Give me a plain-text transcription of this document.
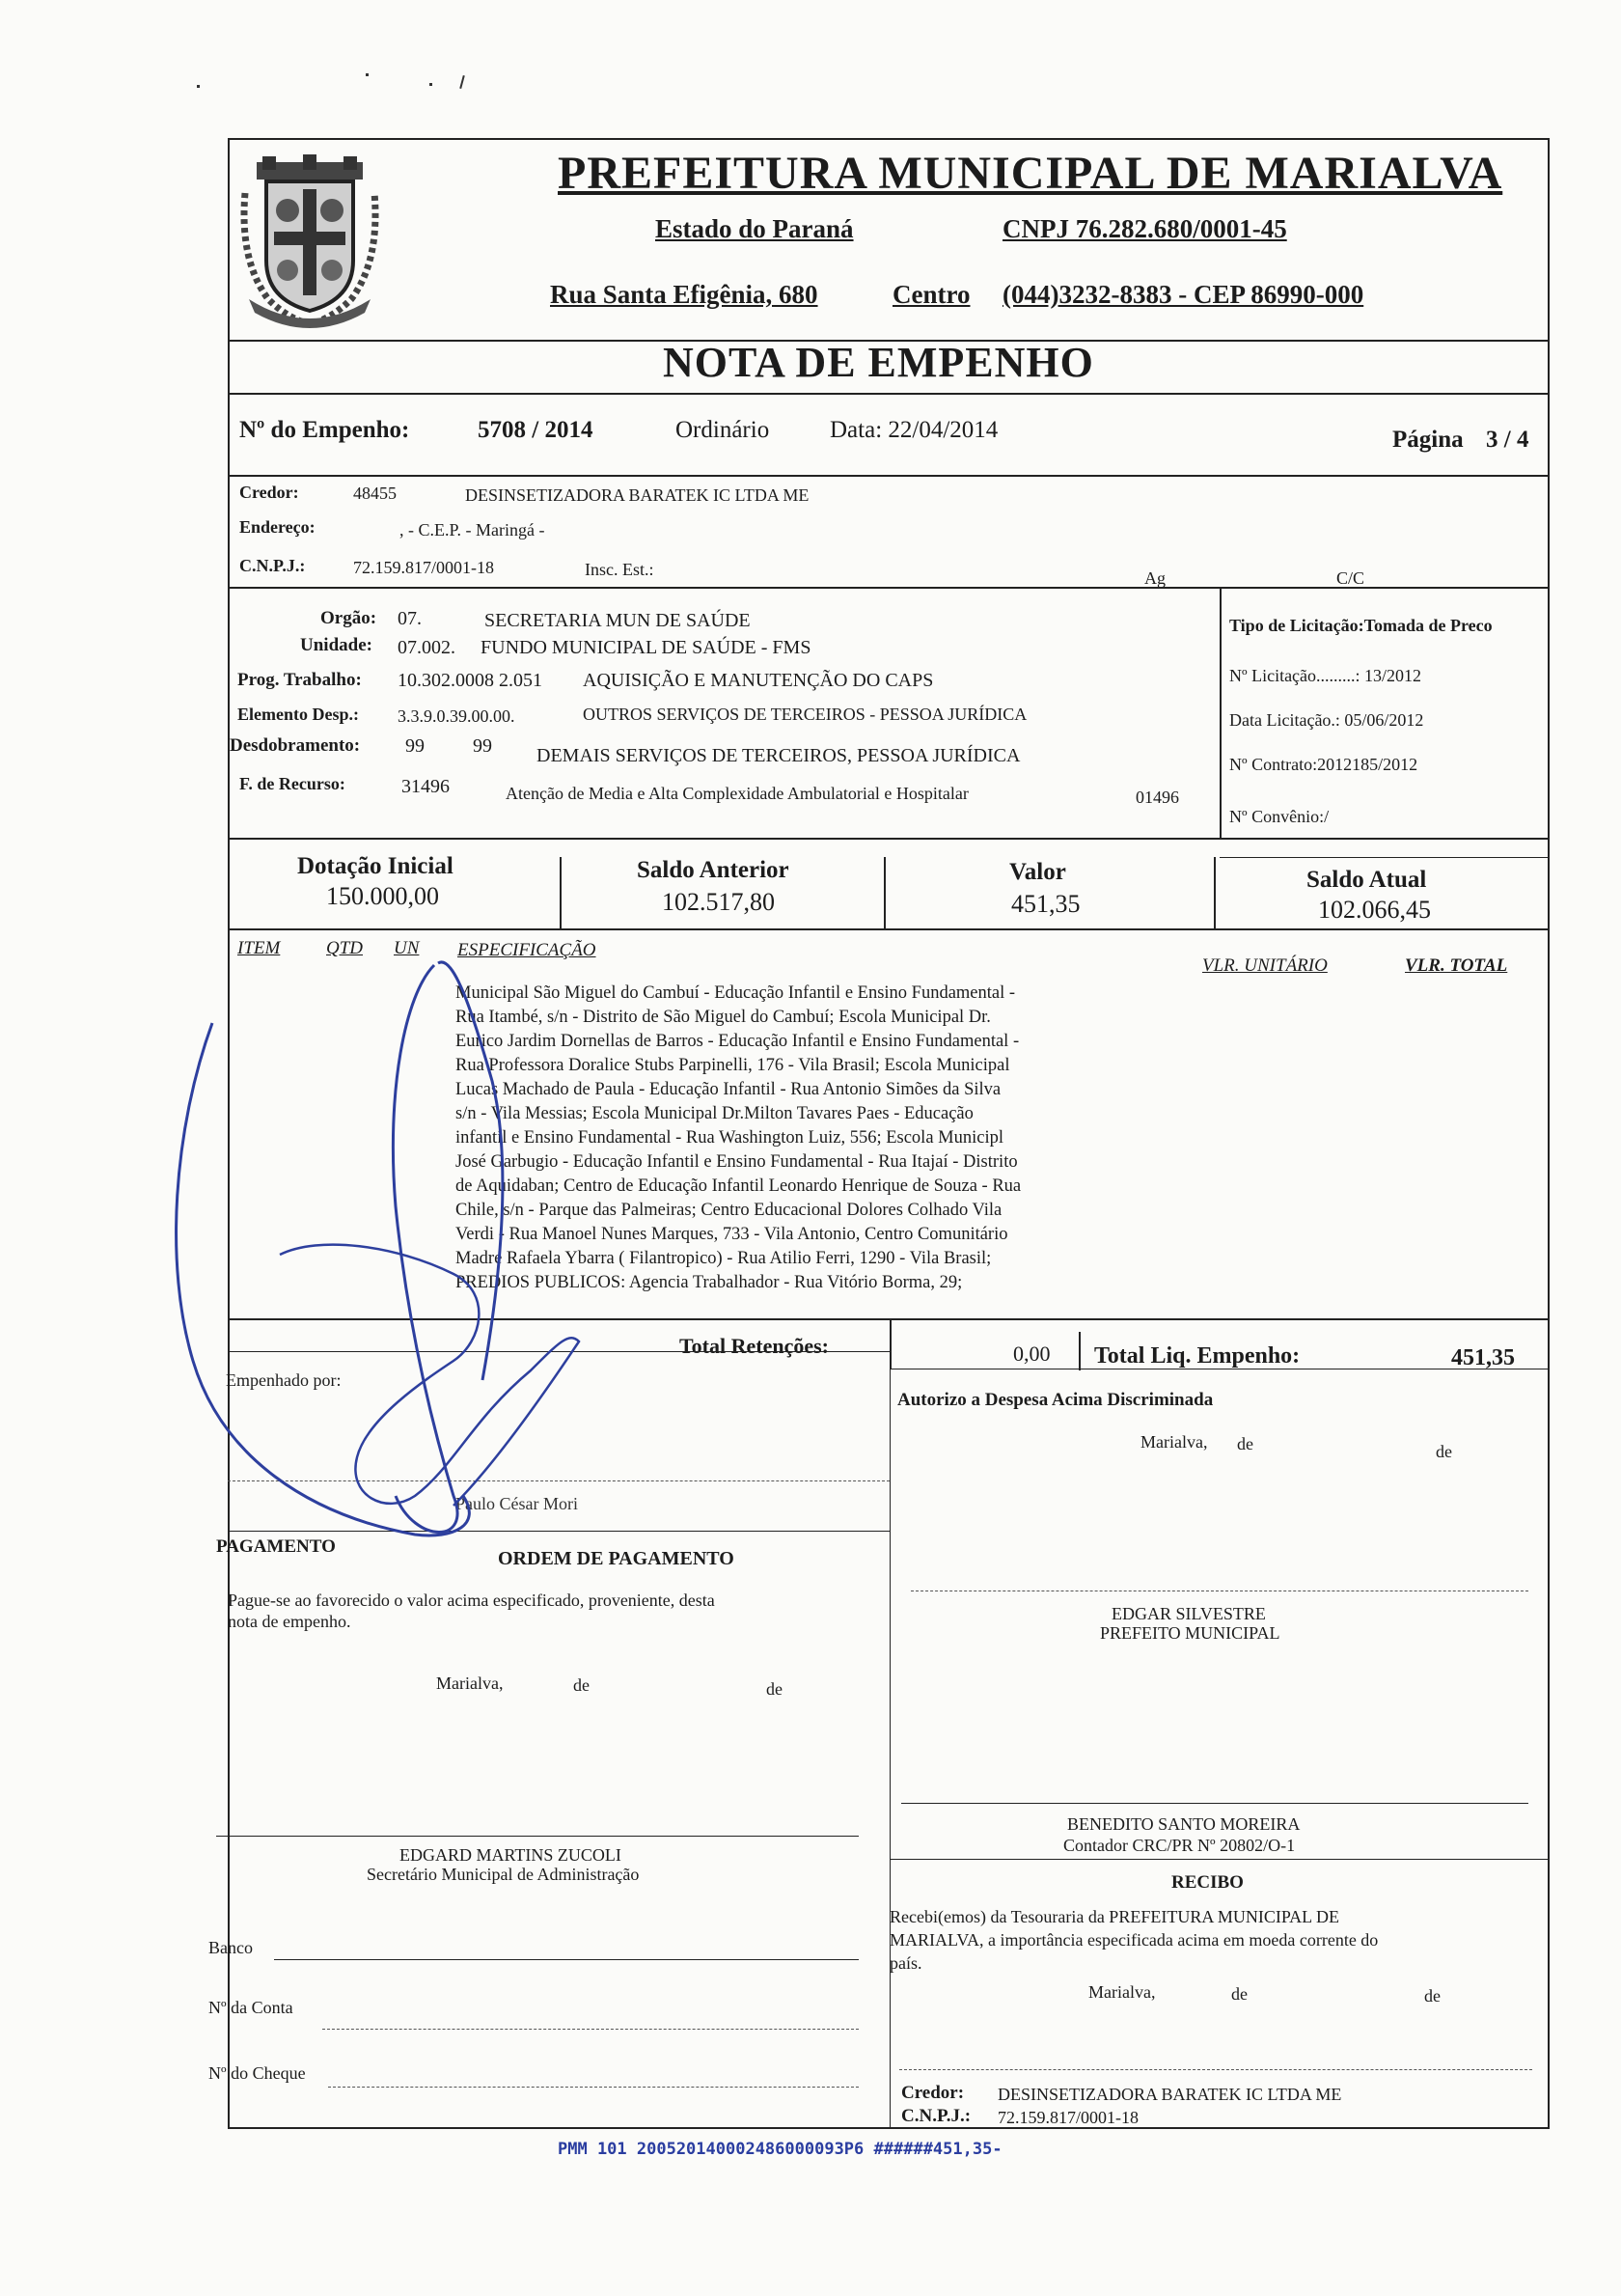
PREFEITURA MUNICIPAL DE MARIALVA
Estado do Paraná	CNPJ 76.282.680/0001-45
Rua Santa Efigênia, 680	Centro (044)3232-8383 - CEP 86990-000
NOTA DE EMPENHO
Nº do Empenho:	5708 / 2014	Ordinário	Data: 22/04/2014	Página 3 / 4
Credor:	48455	DESINSETIZADORA BARATEK IC LTDA ME
Endereço:	, - C.E.P. - Maringá -
C.N.P.J.:	72.159.817/0001-18	Insc. Est.:	Ag	C/C
Orgão: 07.	SECRETARIA MUN DE SAÚDE
Unidade: 07.002. FUNDO MUNICIPAL DE SAÚDE - FMS
Prog. Trabalho: 10.302.0008 2.051 AQUISIÇÃO E MANUTENÇÃO DO CAPS
Elemento Desp.: 3.3.9.0.39.00.00.	OUTROS SERVIÇOS DE TERCEIROS - PESSOA JURÍDICA
Desdobramento: 99	99 DEMAIS SERVIÇOS DE TERCEIROS, PESSOA JURÍDICA
F. de Recurso:	31496	Atenção de Media e Alta Complexidade Ambulatorial e Hospitalar	01496
Tipo de Licitação:Tomada de Preco
Nº Licitação.........: 13/2012
Data Licitação.: 05/06/2012
Nº Contrato:2012185/2012
Nº Convênio:/
Dotação Inicial
150.000,00
Saldo Anterior
102.517,80
Valor
451,35
Saldo Atual
102.066,45
ITEM	QTD UN ESPECIFICAÇÃO
VLR. UNITÁRIO	VLR. TOTAL
Municipal São Miguel do Cambuí - Educação Infantil e Ensino Fundamental -
Rua Itambé, s/n - Distrito de São Miguel do Cambuí; Escola Municipal Dr.
Eurico Jardim Dornellas de Barros - Educação Infantil e Ensino Fundamental -
Rua Professora Doralice Stubs Parpinelli, 176 - Vila Brasil; Escola Municipal
Lucas Machado de Paula - Educação Infantil - Rua Antonio Simões da Silva
s/n - Vila Messias; Escola Municipal Dr.Milton Tavares Paes - Educação
infantil e Ensino Fundamental - Rua Washington Luiz, 556; Escola Municipl
José Garbugio - Educação Infantil e Ensino Fundamental - Rua Itajaí - Distrito
de Aquidaban; Centro de Educação Infantil Leonardo Henrique de Souza - Rua
Chile, s/n - Parque das Palmeiras; Centro Educacional Dolores Colhado Vila
Verdi - Rua Manoel Nunes Marques, 733 - Vila Antonio, Centro Comunitário
Madre Rafaela Ybarra ( Filantropico) - Rua Atilio Ferri, 1290 - Vila Brasil;
PREDIOS PUBLICOS: Agencia Trabalhador - Rua Vitório Borma, 29;
Total Retenções:	0,00 Total Liq. Empenho:	451,35
Empenhado por:
Paulo César Mori
Autorizo a Despesa Acima Discriminada
Marialva, de	de
EDGAR SILVESTRE
PREFEITO MUNICIPAL
PAGAMENTO
ORDEM DE PAGAMENTO
Pague-se ao favorecido o valor acima especificado, proveniente, desta
nota de empenho.
Marialva,	de	de
EDGARD MARTINS ZUCOLI
Secretário Municipal de Administração
BENEDITO SANTO MOREIRA
Contador CRC/PR Nº 20802/O-1
RECIBO
Recebi(emos) da Tesouraria da PREFEITURA MUNICIPAL DE
MARIALVA, a importância especificada acima em moeda corrente do
país.
Marialva,	de	de
Credor: DESINSETIZADORA BARATEK IC LTDA ME
C.N.P.J.: 72.159.817/0001-18
Banco
Nº da Conta
Nº do Cheque
PMM 101 200520140002486000093P6 ######451,35-
